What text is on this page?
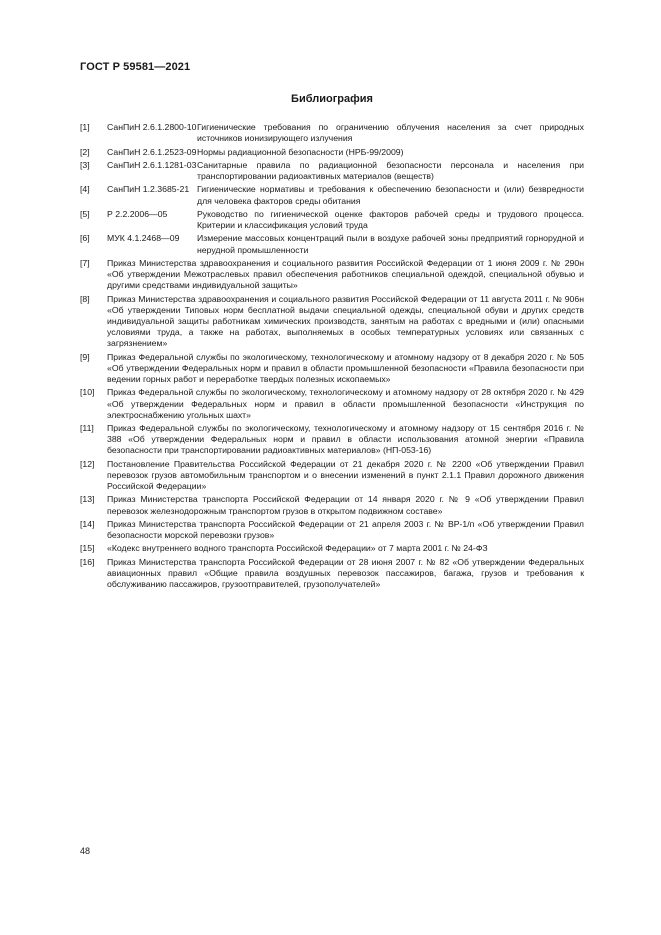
ГОСТ Р 59581—2021
Библиография
[1]	СанПиН 2.6.1.2800-10 Гигиенические требования по ограничению облучения населения за счет природных источников ионизирующего излучения
[2]	СанПиН 2.6.1.2523-09 Нормы радиационной безопасности (НРБ-99/2009)
[3]	СанПиН 2.6.1.1281-03 Санитарные правила по радиационной безопасности персонала и населения при транспортировании радиоактивных материалов (веществ)
[4]	СанПиН 1.2.3685-21 Гигиенические нормативы и требования к обеспечению безопасности и (или) безвредности для человека факторов среды обитания
[5]	Р 2.2.2006—05	Руководство по гигиенической оценке факторов рабочей среды и трудового процесса. Критерии и классификация условий труда
[6]	МУК 4.1.2468—09	Измерение массовых концентраций пыли в воздухе рабочей зоны предприятий горнорудной и нерудной промышленности
[7]	Приказ Министерства здравоохранения и социального развития Российской Федерации от 1 июня 2009 г. № 290н «Об утверждении Межотраслевых правил обеспечения работников специальной одеждой, специальной обувью и другими средствами индивидуальной защиты»
[8]	Приказ Министерства здравоохранения и социального развития Российской Федерации от 11 августа 2011 г. № 906н «Об утверждении Типовых норм бесплатной выдачи специальной одежды, специальной обуви и других средств индивидуальной защиты работникам химических производств, занятым на работах с вредными и (или) опасными условиями труда, а также на работах, выполняемых в особых температурных условиях или связанных с загрязнением»
[9]	Приказ Федеральной службы по экологическому, технологическому и атомному надзору от 8 декабря 2020 г. № 505 «Об утверждении Федеральных норм и правил в области промышленной безопасности «Правила безопасности при ведении горных работ и переработке твердых полезных ископаемых»
[10]	Приказ Федеральной службы по экологическому, технологическому и атомному надзору от 28 октября 2020 г. № 429 «Об утверждении Федеральных норм и правил в области промышленной безопасности «Инструкция по электроснабжению угольных шахт»
[11]	Приказ Федеральной службы по экологическому, технологическому и атомному надзору от 15 сентября 2016 г. № 388 «Об утверждении Федеральных норм и правил в области использования атомной энергии «Правила безопасности при транспортировании радиоактивных материалов» (НП-053-16)
[12]	Постановление Правительства Российской Федерации от 21 декабря 2020 г. № 2200 «Об утверждении Правил перевозок грузов автомобильным транспортом и о внесении изменений в пункт 2.1.1 Правил дорожного движения Российской Федерации»
[13]	Приказ Министерства транспорта Российской Федерации от 14 января 2020 г. № 9 «Об утверждении Правил перевозок железнодорожным транспортом грузов в открытом подвижном составе»
[14]	Приказ Министерства транспорта Российской Федерации от 21 апреля 2003 г. № ВР-1/п «Об утверждении Правил безопасности морской перевозки грузов»
[15]	«Кодекс внутреннего водного транспорта Российской Федерации» от 7 марта 2001 г. № 24-ФЗ
[16]	Приказ Министерства транспорта Российской Федерации от 28 июня 2007 г. № 82 «Об утверждении Федеральных авиационных правил «Общие правила воздушных перевозок пассажиров, багажа, грузов и требования к обслуживанию пассажиров, грузоотправителей, грузополучателей»
48
